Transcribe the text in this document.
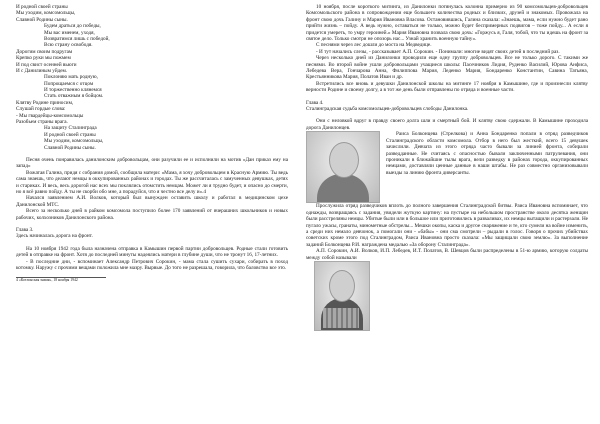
И родной своей страны
Мы уходим, комсомольцы,
Славной Родины сыны.
Будем драться до победы,
Мы вас именем, уходя,
Возвратимся лишь с победой,
Всю страну освободя.
Дорогим своим подругам
Крепко руки мы пожмем
И под свист осенней вьюги
И с Данилиным уйдем.
Поклоняю мать родную,
Попрощаемся с отцом
И торжественно клянемся
Стать отважным я бойцом.
Клятву Родине приносим,
Слушай гордые слова:
- Мы гвардейцы-комсомольцы
Разобьем страны врага.
На защиту Сталинграда
И родной своей страны
Мы уходим, комсомольцы,
Славной Родины сыны.

Песня очень понравилась данилонским добровольцам, они разучили ее и исполнили на мотив «Дан приказ ему на запад»

Вожатая Галина, придя с собрания домой, сообщила матери: «Мама, я хочу добровольцем в Красную Армию. Ты ведь сама знаешь, что делают немцы в оккупированных районах и городах. Ты же рассчиталась с замученных девушках, детях и стариках. И весь, весь дорогой нас всех мы поклялись отомстить немцам. Может ли я трудно будет, и опасно до смерти, но я всё равно пойду. А ты не скорби обо мне, а порадуйся, что я честно все делу и».4

Начался заявлением А.И. Волков, который был вынужден оставить школу и работал в медицинском цехе Данилонской МТС.

Всего за несколько дней в райком комсомола поступило более 170 заявлений от вчерашних школьников и новых рабочих, колхозников Данилонского района.

Глава 3.
Здесь начиналась дорога на фронт.

На 10 ноября 1942 года была назначена отправка в Камышин первой партии добровольцев. Родные стали готовить детей в отправке на фронт. Хотя до последней минуты надеялись матери в глубине души, что не тронут 16, 17-летних.

- В последние дни, - вспоминает Александр Петрович Сорокин, - мама стала сушить сухари, собирать в поход котомку. Наружу с прочими вещами положила мне мазру. Вырвые. До того не разрешала, говорила, что баловство все это.

4 «Котлонская знамя», 18 ноября 1942

10 ноября, после короткого митинга, из Данилонки потянулась колонна примерно из 90 комсомольцев-добровольцев Комсомольского района в сопровождении еще большего количества родных и близких, друзей и знакомых. Провожала на фронт свою дочь Галину и Мария Ивановна Власова. Остановившись, Галина сказала: «Знаешь, мама, если нужно будет рано прийти жизнь – пойду. А ведь нужно, оставаться не только, можно будет беспримерных подвигов – тоже пойду... А если я придется умереть, то умру героиней.» Мария Ивановна позвала свою дочь: «Горжусь я, Галя, тобой, что ты идешь на фронт за святое дело. Только смотри не опозорь нас... Узнай хранить военную тайну».

С песнями через лес дошли до моста на Медведице.

- И тут начались слезы, - рассказывает А.П. Сорокин. - Понимали: многие видят своих детей в последний раз.

Через несколько дней из Данилонки проводили еще одну группу добровольцев. Все не только дорого. С такими же песнями. Во второй войне ушли добровольцами учащиеся школы: Пасечников Лидия, Руденко Василий, Юрова Анфиса, Лебедева Вера, Гончарова Анна, Филиппова Мария, Леденко Мария, Бондаренко Константин, Савина Татьяна, Крестьянникова Мария, Полатов Иван и др.

Встретились все вновь и девушки Данилонской школы на митинге 17 ноября в Камышине, где и произнесли клятву верности Родине и своему долгу, а в тот же день были отправлены по отряда и военные части.

Глава 4.
Сталинградская судьба комсомольцев-добровольцев слободы Данилонка.

Они с неловкой вдруг в правду своего долга шли и смертный бой. И клятву свою сдержали. В Камышине проходила дорога Данилонцев.

Раиса Болконцева (Стрелкова) и Анна Бондаренко попали в отряд разведчиков Сталинградского области комсомола. Отбор в него был жесткий, всего 15 девушек зачислили. Девчата из этого отряда часто бывали за линией фронта, собирали разведданные. Не считаясь с опасностью бывали заключенными патрулевания, они проникали в ближайшие тылы врага, вели разведку в районах города, оккупированных немцами, доставляли ценные данные в наши штабы. Не раз совместно организовывали выезды за линию фронта диверсанты.

Прослужила отряд разведчиков вплоть до полного завершения Сталинградской битвы. Раиса Ивановна вспоминает, что однажды, возвращаясь с задания, увидели жуткую картину: на пустыре на небольшом пространстве около десятка женщин были расстреляны немцы. Убитые были или в большое или приготовились в разваливах, их немцы вытащили и растерзали. Не пугало ужасы, гранаты, минометные обстрелы... Мешки окопы, каска и другое снаряжение и те, кто сумели на войне изменить, а среди них немало девчонок, а помогали они - «бабы» - они сма смотрели – рыдали в голос. Говоря о прочих убийствах советских кроме этого под Сталинградом, Раиса Ивановна просто сказала: «Мы защищали свою землю». За выполнение заданий Болконцева Р.И. награждена медалью «За оборону Сталинграда».

А.П. Сорокин, А.И. Волков, И.П. Лебедев, И.Т. Полатов, В. Шевцов были распределены в 51-ю армию, которую солдаты между собой называли
